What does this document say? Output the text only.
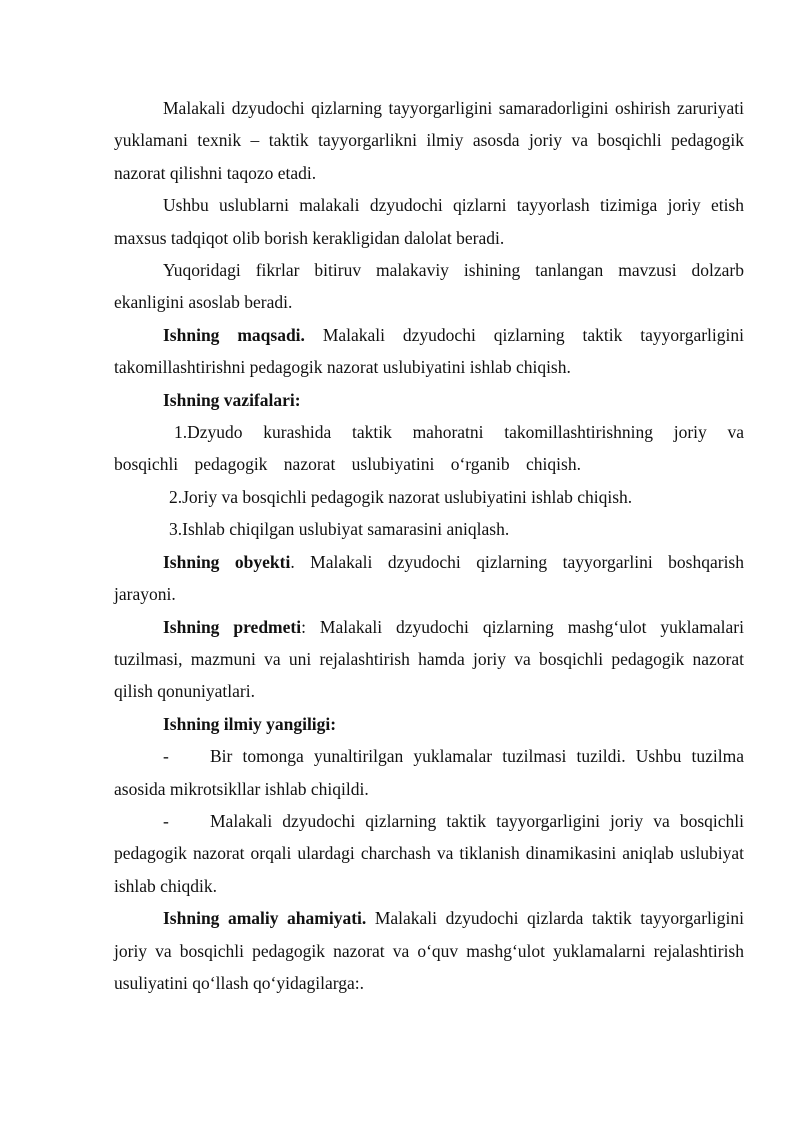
Malakali dzyudochi qizlarning tayyorgarligini samaradorligini oshirish zaruriyati yuklamani texnik – taktik tayyorgarlikni ilmiy asosda joriy va bosqichli pedagogik nazorat qilishni taqozo etadi.

Ushbu uslublarni malakali dzyudochi qizlarni tayyorlash tizimiga joriy etish maxsus tadqiqot olib borish kerakligidan dalolat beradi.

Yuqoridagi fikrlar bitiruv malakaviy ishining tanlangan mavzusi dolzarb ekanligini asoslab beradi.

Ishning maqsadi. Malakali dzyudochi qizlarning taktik tayyorgarligini takomillashtirishni pedagogik nazorat uslubiyatini ishlab chiqish.

Ishning vazifalari:

1.Dzyudo kurashida taktik mahoratni takomillashtirishning joriy va bosqichli pedagogik nazorat uslubiyatini o‘rganib chiqish.

2.Joriy va bosqichli pedagogik nazorat uslubiyatini ishlab chiqish.

3.Ishlab chiqilgan uslubiyat samarasini aniqlash.

Ishning obyekti. Malakali dzyudochi qizlarning tayyorgarlini boshqarish jarayoni.

Ishning predmeti: Malakali dzyudochi qizlarning mashg‘ulot yuklamalari tuzilmasi, mazmuni va uni rejalashtirish hamda joriy va bosqichli pedagogik nazorat qilish qonuniyatlari.

Ishning ilmiy yangiligi:

- Bir tomonga yunaltirilgan yuklamalar tuzilmasi tuzildi. Ushbu tuzilma asosida mikrotsikllar ishlab chiqildi.

- Malakali dzyudochi qizlarning taktik tayyorgarligini joriy va bosqichli pedagogik nazorat orqali ulardagi charchash va tiklanish dinamikasini aniqlab uslubiyat ishlab chiqdik.

Ishning amaliy ahamiyati. Malakali dzyudochi qizlarda taktik tayyorgarligini joriy va bosqichli pedagogik nazorat va o‘quv mashg‘ulot yuklamalarni rejalashtirish usuliyatini qo‘llash qo‘yidagilarga:.
